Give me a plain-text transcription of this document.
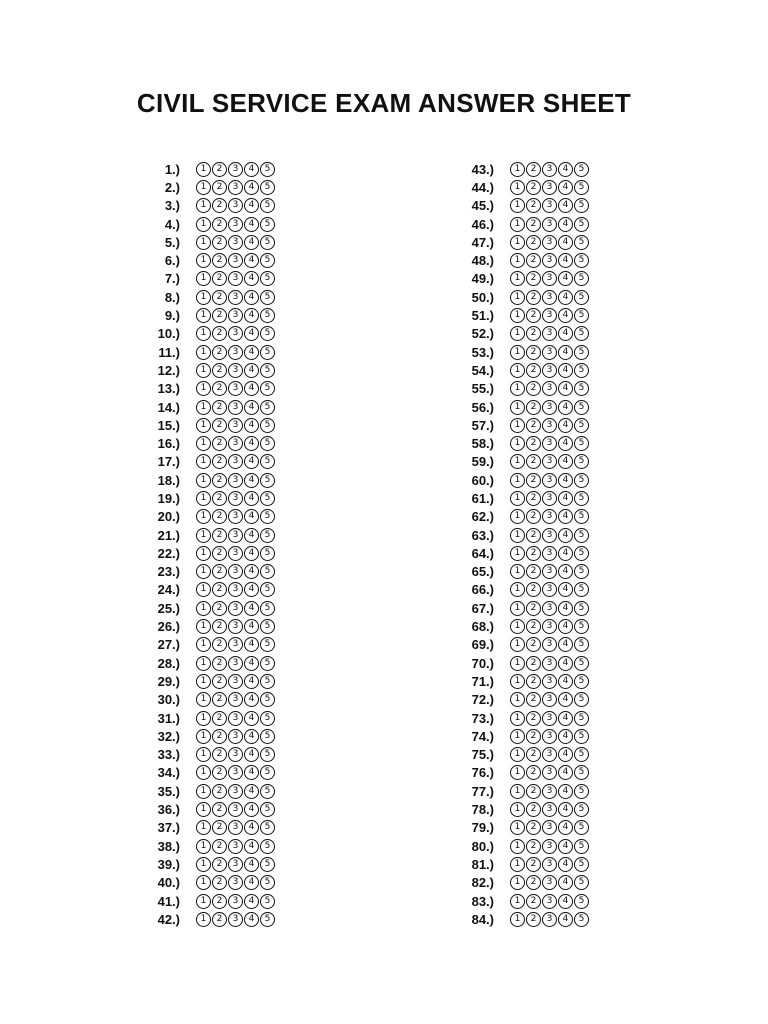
CIVIL SERVICE EXAM ANSWER SHEET
1.)	1	2	3	4	5
2.)	1	2	3	4	5
3.)	1	2	3	4	5
4.)	1	2	3	4	5
5.)	1	2	3	4	5
6.)	1	2	3	4	5
7.)	1	2	3	4	5
8.)	1	2	3	4	5
9.)	1	2	3	4	5
10.)	1	2	3	4	5
11.)	1	2	3	4	5
12.)	1	2	3	4	5
13.)	1	2	3	4	5
14.)	1	2	3	4	5
15.)	1	2	3	4	5
16.)	1	2	3	4	5
17.)	1	2	3	4	5
18.)	1	2	3	4	5
19.)	1	2	3	4	5
20.)	1	2	3	4	5
21.)	1	2	3	4	5
22.)	1	2	3	4	5
23.)	1	2	3	4	5
24.)	1	2	3	4	5
25.)	1	2	3	4	5
26.)	1	2	3	4	5
27.)	1	2	3	4	5
28.)	1	2	3	4	5
29.)	1	2	3	4	5
30.)	1	2	3	4	5
31.)	1	2	3	4	5
32.)	1	2	3	4	5
33.)	1	2	3	4	5
34.)	1	2	3	4	5
35.)	1	2	3	4	5
36.)	1	2	3	4	5
37.)	1	2	3	4	5
38.)	1	2	3	4	5
39.)	1	2	3	4	5
40.)	1	2	3	4	5
41.)	1	2	3	4	5
42.)	1	2	3	4	5
43.)	1	2	3	4	5
44.)	1	2	3	4	5
45.)	1	2	3	4	5
46.)	1	2	3	4	5
47.)	1	2	3	4	5
48.)	1	2	3	4	5
49.)	1	2	3	4	5
50.)	1	2	3	4	5
51.)	1	2	3	4	5
52.)	1	2	3	4	5
53.)	1	2	3	4	5
54.)	1	2	3	4	5
55.)	1	2	3	4	5
56.)	1	2	3	4	5
57.)	1	2	3	4	5
58.)	1	2	3	4	5
59.)	1	2	3	4	5
60.)	1	2	3	4	5
61.)	1	2	3	4	5
62.)	1	2	3	4	5
63.)	1	2	3	4	5
64.)	1	2	3	4	5
65.)	1	2	3	4	5
66.)	1	2	3	4	5
67.)	1	2	3	4	5
68.)	1	2	3	4	5
69.)	1	2	3	4	5
70.)	1	2	3	4	5
71.)	1	2	3	4	5
72.)	1	2	3	4	5
73.)	1	2	3	4	5
74.)	1	2	3	4	5
75.)	1	2	3	4	5
76.)	1	2	3	4	5
77.)	1	2	3	4	5
78.)	1	2	3	4	5
79.)	1	2	3	4	5
80.)	1	2	3	4	5
81.)	1	2	3	4	5
82.)	1	2	3	4	5
83.)	1	2	3	4	5
84.)	1	2	3	4	5
